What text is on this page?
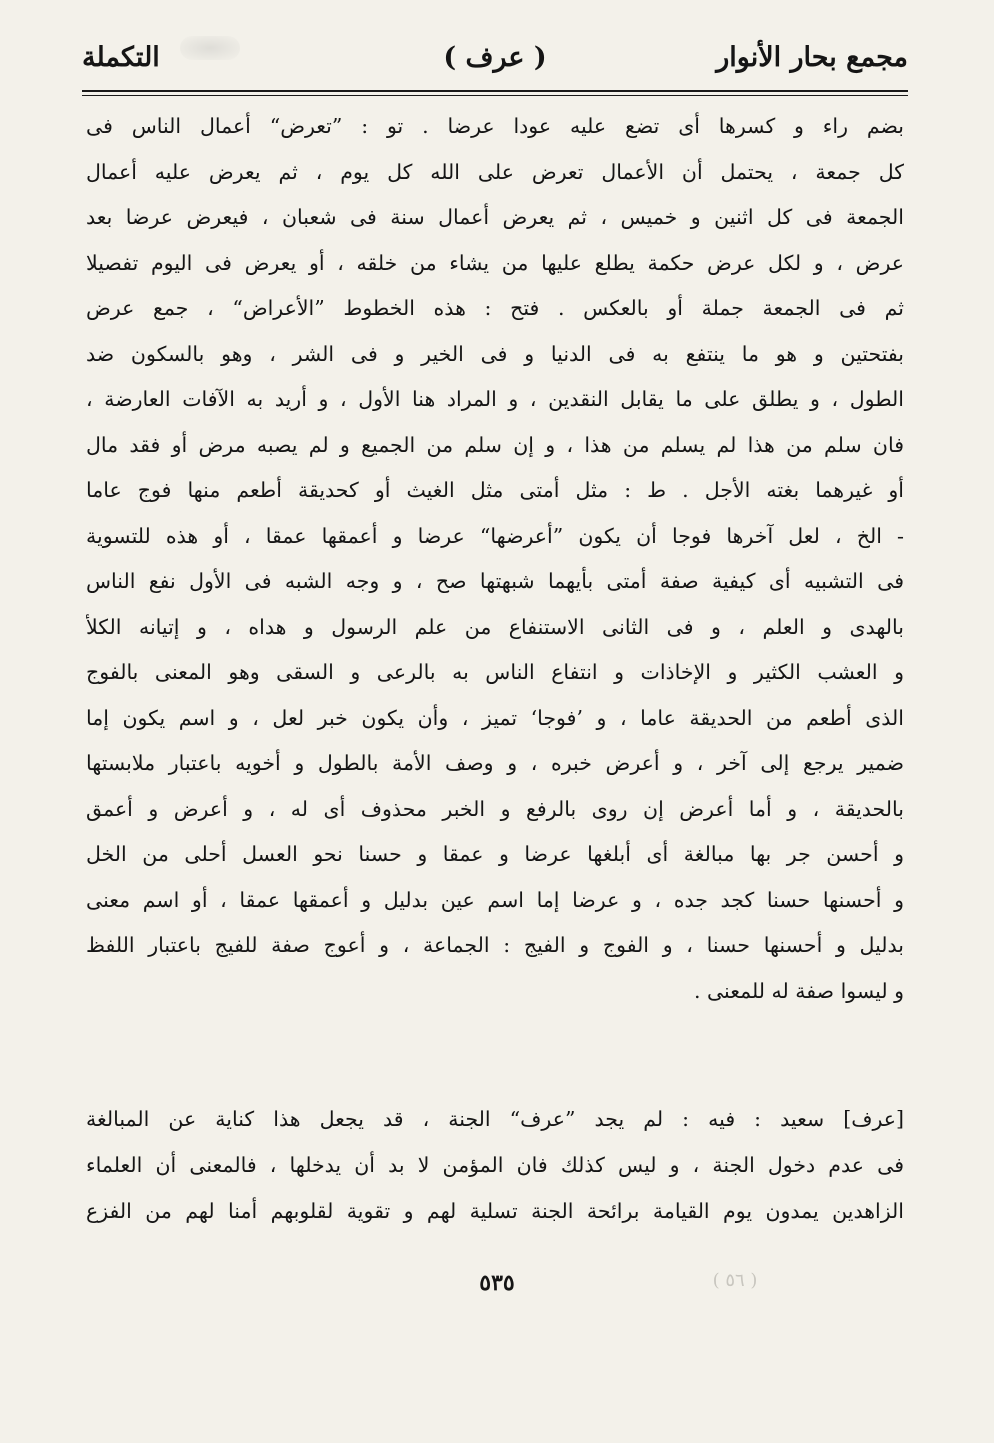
مجمع بحار الأنوار
( عرف )
التكملة
بضم راء و كسرها أى تضع عليه عودا عرضا . تو : ”تعرض“ أعمال الناس فى
كل جمعة ، يحتمل أن الأعمال تعرض على الله كل يوم ، ثم يعرض عليه أعمال
الجمعة فى كل اثنين و خميس ، ثم يعرض أعمال سنة فى شعبان ، فيعرض عرضا بعد
عرض ، و لكل عرض حكمة يطلع عليها من يشاء من خلقه ، أو يعرض فى اليوم تفصيلا
ثم فى الجمعة جملة أو بالعكس . فتح : هذه الخطوط ”الأعراض“ ، جمع عرض
بفتحتين و هو ما ينتفع به فى الدنيا و فى الخير و فى الشر ، وهو بالسكون ضد
الطول ، و يطلق على ما يقابل النقدين ، و المراد هنا الأول ، و أريد به الآفات العارضة ،
فان سلم من هذا لم يسلم من هذا ، و إن سلم من الجميع و لم يصبه مرض أو فقد مال
أو غيرهما بغته الأجل . ط : مثل أمتى مثل الغيث أو كحديقة أطعم منها فوج عاما
- الخ ، لعل آخرها فوجا أن يكون ”أعرضها“ عرضا و أعمقها عمقا ، أو هذه للتسوية
فى التشبيه أى كيفية صفة أمتى بأيهما شبهتها صح ، و وجه الشبه فى الأول نفع الناس
بالهدى و العلم ، و فى الثانى الاستنفاع من علم الرسول و هداه ، و إتيانه الكلأ
و العشب الكثير و الإخاذات و انتفاع الناس به بالرعى و السقى وهو المعنى بالفوج
الذى أطعم من الحديقة عاما ، و ’فوجا‘ تميز ، وأن يكون خبر لعل ، و اسم يكون إما
ضمير يرجع إلى آخر ، و أعرض خبره ، و وصف الأمة بالطول و أخويه باعتبار ملابستها
بالحديقة ، و أما أعرض إن روى بالرفع و الخبر محذوف أى له ، و أعرض و أعمق
و أحسن جر بها مبالغة أى أبلغها عرضا و عمقا و حسنا نحو العسل أحلى من الخل
و أحسنها حسنا كجد جده ، و عرضا إما اسم عين بدليل و أعمقها عمقا ، أو اسم معنى
بدليل و أحسنها حسنا ، و الفوج و الفيج : الجماعة ، و أعوج صفة للفيج باعتبار اللفظ
و ليسوا صفة له للمعنى .
[عرف] سعيد : فيه : لم يجد ”عرف“ الجنة ، قد يجعل هذا كناية عن المبالغة
فى عدم دخول الجنة ، و ليس كذلك فان المؤمن لا بد أن يدخلها ، فالمعنى أن العلماء
الزاهدين يمدون يوم القيامة برائحة الجنة تسلية لهم و تقوية لقلوبهم أمنا لهم من الفزع
٥٣٥	( ٥٦ )
